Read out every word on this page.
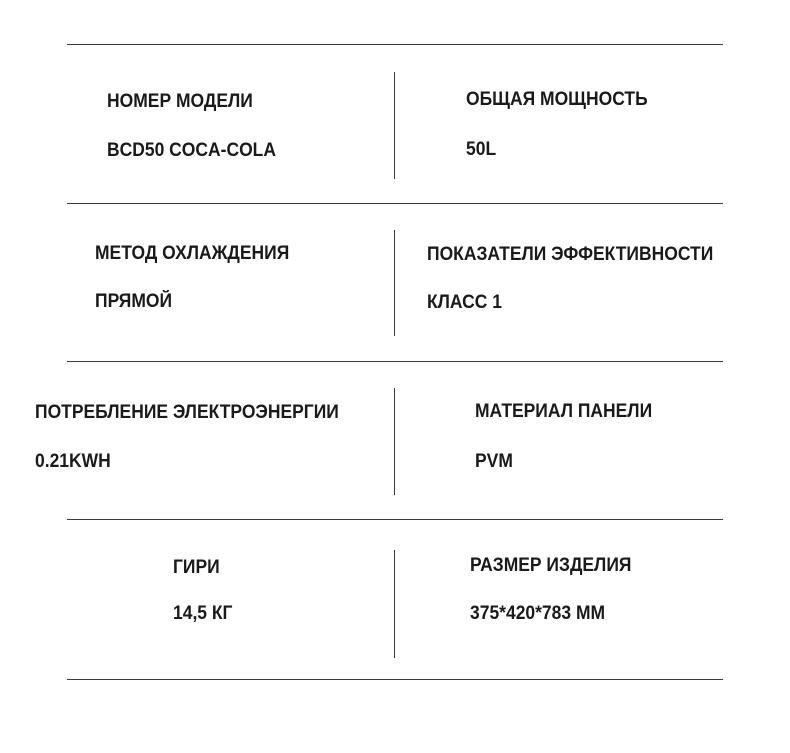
НОМЕР МОДЕЛИ
BCD50 COCA-COLA
ОБЩАЯ МОЩНОСТЬ
50L
МЕТОД ОХЛАЖДЕНИЯ
ПРЯМОЙ
ПОКАЗАТЕЛИ ЭФФЕКТИВНОСТИ
КЛАСС 1
ПОТРЕБЛЕНИЕ ЭЛЕКТРОЭНЕРГИИ
0.21KWH
МАТЕРИАЛ ПАНЕЛИ
PVM
ГИРИ
14,5 КГ
РАЗМЕР ИЗДЕЛИЯ
375*420*783 ММ
